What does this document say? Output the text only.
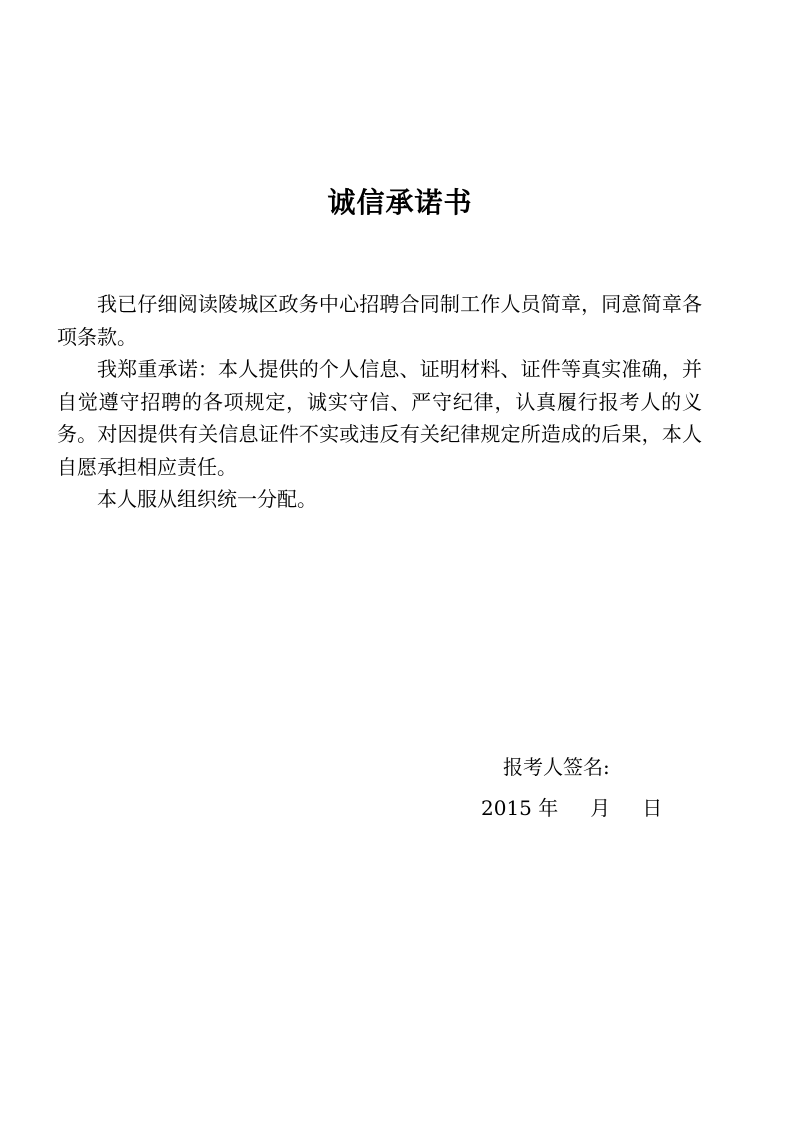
诚信承诺书

我已仔细阅读陵城区政务中心招聘合同制工作人员简章，同意简章各项条款。

我郑重承诺：本人提供的个人信息、证明材料、证件等真实准确，并自觉遵守招聘的各项规定，诚实守信、严守纪律，认真履行报考人的义务。对因提供有关信息证件不实或违反有关纪律规定所造成的后果，本人自愿承担相应责任。

本人服从组织统一分配。

报考人签名:
2015 年 月 日
